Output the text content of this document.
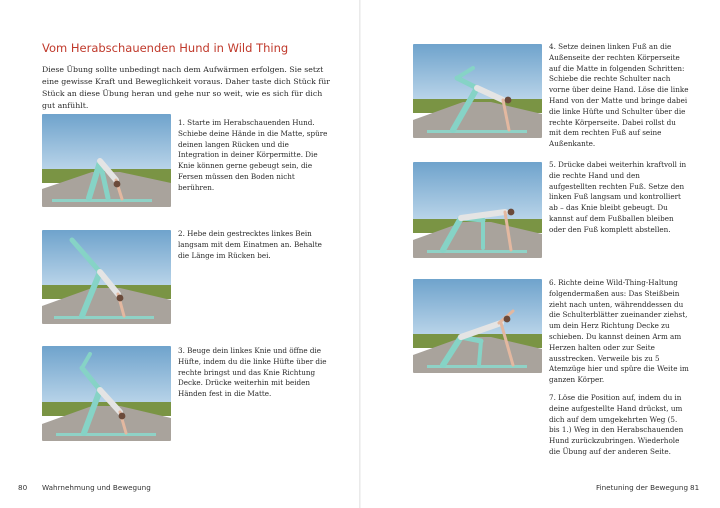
Vom Herabschauenden Hund in Wild Thing
Diese Übung sollte unbedingt nach dem Aufwärmen erfolgen. Sie setzt eine gewisse Kraft und Beweglichkeit voraus. Daher taste dich Stück für Stück an diese Übung heran und gehe nur so weit, wie es sich für dich gut anfühlt.
1. Starte im Herabschauenden Hund. Schiebe deine Hände in die Matte, spüre deinen langen Rücken und die Integration in deiner Körpermitte. Die Knie können gerne gebeugt sein, die Fersen müssen den Boden nicht berühren.
2. Hebe dein gestrecktes linkes Bein langsam mit dem Einatmen an. Behalte die Länge im Rücken bei.
3. Beuge dein linkes Knie und öffne die Hüfte, indem du die linke Hüfte über die rechte bringst und das Knie Richtung Decke. Drücke weiterhin mit beiden Händen fest in die Matte.
80 Wahrnehmung und Bewegung
4. Setze deinen linken Fuß an die Außenseite der rechten Körperseite auf die Matte in folgenden Schritten: Schiebe die rechte Schulter nach vorne über deine Hand. Löse die linke Hand von der Matte und bringe dabei die linke Hüfte und Schulter über die rechte Körperseite. Dabei rollst du mit dem rechten Fuß auf seine Außenkante.
5. Drücke dabei weiterhin kraftvoll in die rechte Hand und den aufgestellten rechten Fuß. Setze den linken Fuß langsam und kontrolliert ab – das Knie bleibt gebeugt. Du kannst auf dem Fußballen bleiben oder den Fuß komplett abstellen.
6. Richte deine Wild-Thing-Haltung folgendermaßen aus: Das Steißbein zieht nach unten, währenddessen du die Schulterblätter zueinander ziehst, um dein Herz Richtung Decke zu schieben. Du kannst deinen Arm am Herzen halten oder zur Seite ausstrecken. Verweile bis zu 5 Atemzüge hier und spüre die Weite im ganzen Körper.
7. Löse die Position auf, indem du in deine aufgestellte Hand drückst, um dich auf dem umgekehrten Weg (5. bis 1.) Weg in den Herabschauenden Hund zurückzubringen. Wiederhole die Übung auf der anderen Seite.
Finetuning der Bewegung 81
